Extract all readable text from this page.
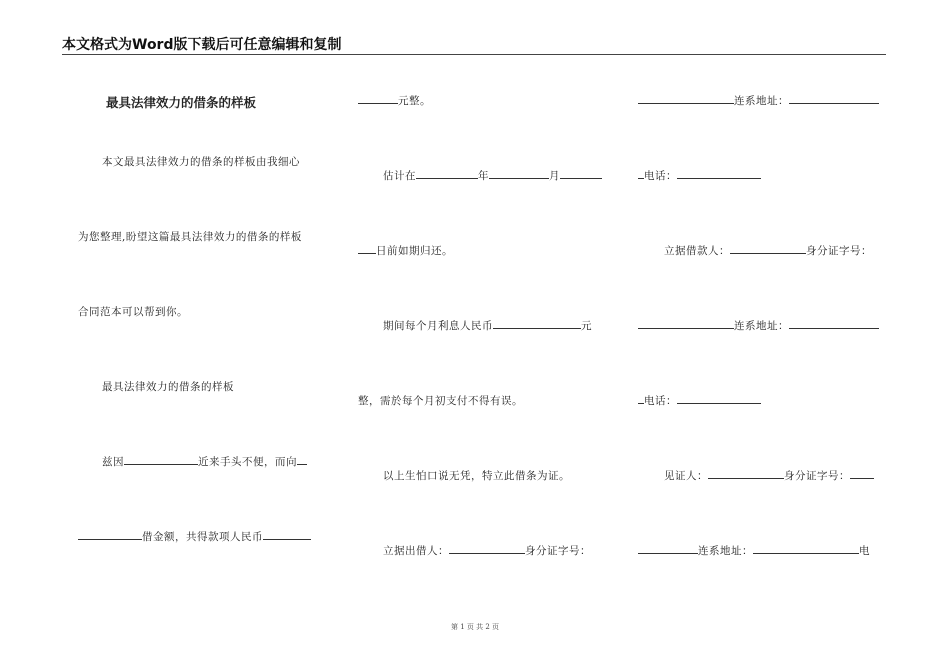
本文格式为Word版下载后可任意编辑和复制
最具法律效力的借条的样板
本文最具法律效力的借条的样板由我细心
为您整理,盼望这篇最具法律效力的借条的样板
合同范本可以帮到你。
最具法律效力的借条的样板
兹因	近来手头不便，而向
借金额，共得款项人民币
元整。
估计在	年	月
日前如期归还。
期间每个月利息人民币	元
整，需於每个月初支付不得有误。
以上生怕口说无凭，特立此借条为证。
立据出借人：	身分证字号：
连系地址：
电话：
立据借款人：	身分证字号：
连系地址：
电话：
见证人：	身分证字号：
连系地址：	电
第 1 页 共 2 页
